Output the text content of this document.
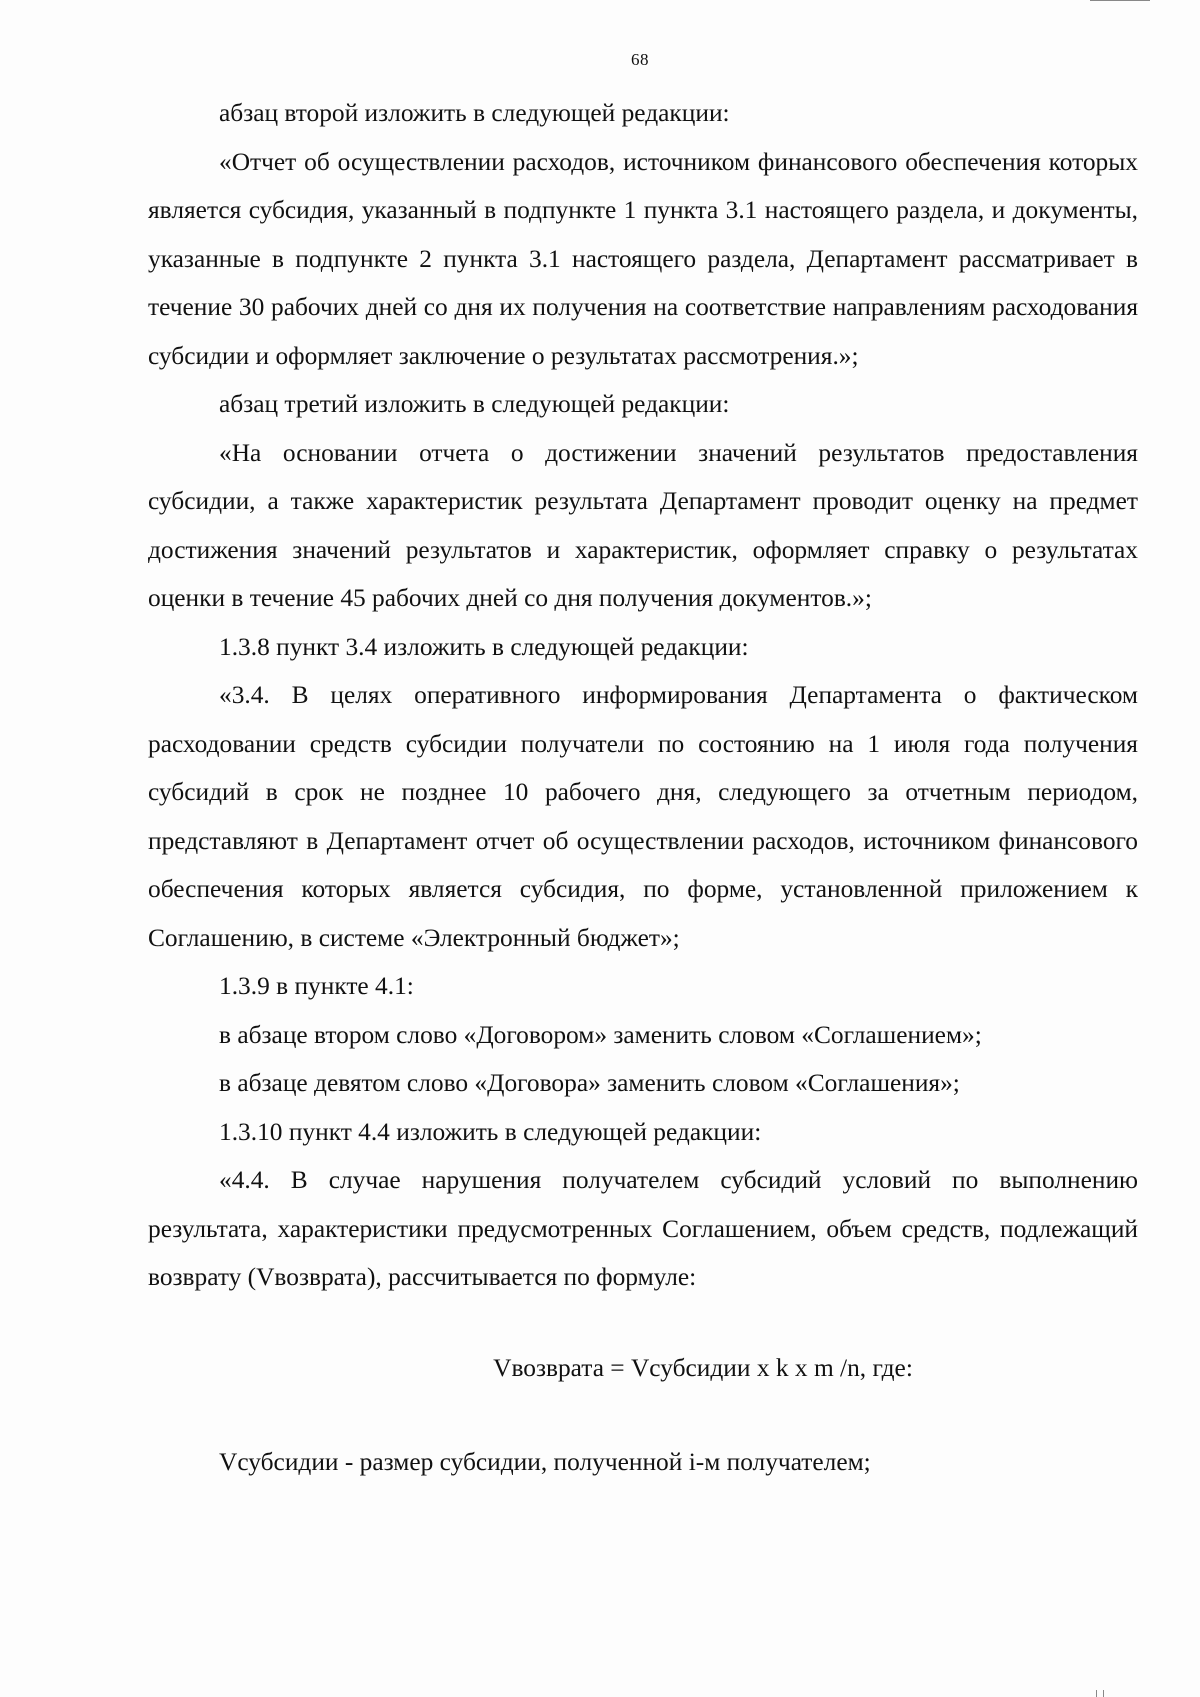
68

абзац второй изложить в следующей редакции:

«Отчет об осуществлении расходов, источником финансового обеспечения которых является субсидия, указанный в подпункте 1 пункта 3.1 настоящего раздела, и документы, указанные в подпункте 2 пункта 3.1 настоящего раздела, Департамент рассматривает в течение 30 рабочих дней со дня их получения на соответствие направлениям расходования субсидии и оформляет заключение о результатах рассмотрения.»;

абзац третий изложить в следующей редакции:

«На основании отчета о достижении значений результатов предоставления субсидии, а также характеристик результата Департамент проводит оценку на предмет достижения значений результатов и характеристик, оформляет справку о результатах оценки в течение 45 рабочих дней со дня получения документов.»;

1.3.8 пункт 3.4 изложить в следующей редакции:

«3.4. В целях оперативного информирования Департамента о фактическом расходовании средств субсидии получатели по состоянию на 1 июля года получения субсидий в срок не позднее 10 рабочего дня, следующего за отчетным периодом, представляют в Департамент отчет об осуществлении расходов, источником финансового обеспечения которых является субсидия, по форме, установленной приложением к Соглашению, в системе «Электронный бюджет»;

1.3.9 в пункте 4.1:

в абзаце втором слово «Договором» заменить словом «Соглашением»;

в абзаце девятом слово «Договора» заменить словом «Соглашения»;

1.3.10 пункт 4.4 изложить в следующей редакции:

«4.4. В случае нарушения получателем субсидий условий по выполнению результата, характеристики предусмотренных Соглашением, объем средств, подлежащий возврату (Vвозврата), рассчитывается по формуле:

Vвозврата = Vсубсидии x k x m /n, где:

Vсубсидии - размер субсидии, полученной i-м получателем;
